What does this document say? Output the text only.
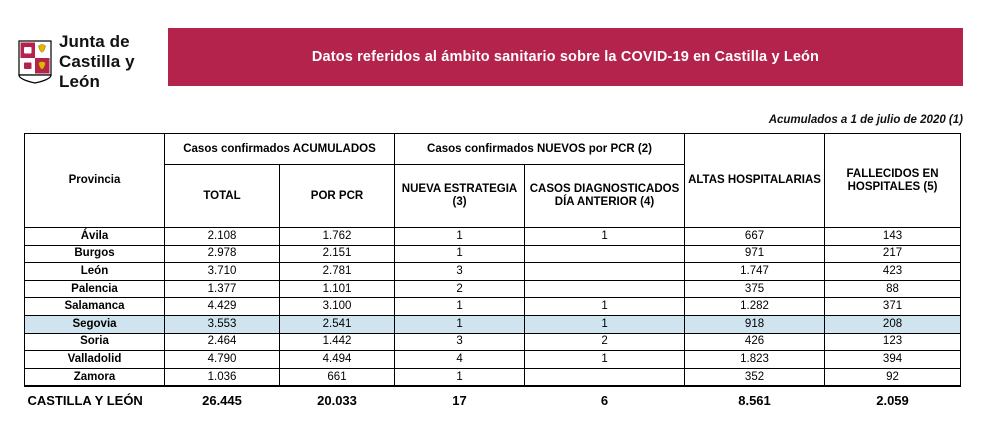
Junta de
Castilla y León
Datos referidos al ámbito sanitario sobre la COVID-19 en Castilla y León
Acumulados a 1 de julio de 2020 (1)
Provincia	Casos confirmados ACUMULADOS		Casos confirmados NUEVOS por PCR (2)		ALTAS HOSPITALARIAS	FALLECIDOS EN HOSPITALES (5)
	TOTAL	POR PCR	NUEVA ESTRATEGIA (3)	CASOS DIAGNOSTICADOS DÍA ANTERIOR (4)		
Ávila	2.108	1.762	1	1	667	143
Burgos	2.978	2.151	1		971	217
León	3.710	2.781	3		1.747	423
Palencia	1.377	1.101	2		375	88
Salamanca	4.429	3.100	1	1	1.282	371
Segovia	3.553	2.541	1	1	918	208
Soria	2.464	1.442	3	2	426	123
Valladolid	4.790	4.494	4	1	1.823	394
Zamora	1.036	661	1		352	92
CASTILLA Y LEÓN	26.445	20.033	17	6	8.561	2.059
